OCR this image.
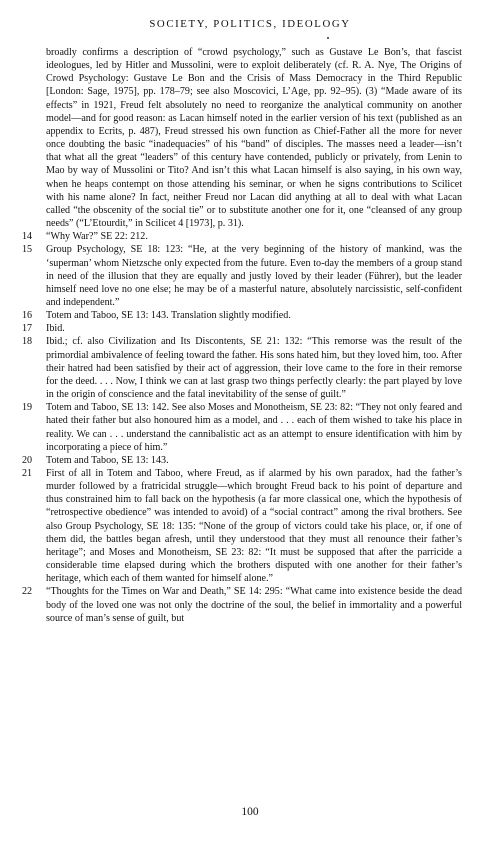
SOCIETY, POLITICS, IDEOLOGY
broadly confirms a description of “crowd psychology,” such as Gustave Le Bon’s, that fascist ideologues, led by Hitler and Mussolini, were to exploit deliberately (cf. R. A. Nye, The Origins of Crowd Psychology: Gustave Le Bon and the Crisis of Mass Democracy in the Third Republic [London: Sage, 1975], pp. 178–79; see also Moscovici, L’Age, pp. 92–95). (3) “Made aware of its effects” in 1921, Freud felt absolutely no need to reorganize the analytical community on another model—and for good reason: as Lacan himself noted in the earlier version of his text (published as an appendix to Ecrits, p. 487), Freud stressed his own function as Chief-Father all the more for never once doubting the basic “inadequacies” of his “band” of disciples. The masses need a leader—isn’t that what all the great “leaders” of this century have contended, publicly or privately, from Lenin to Mao by way of Mussolini or Tito? And isn’t this what Lacan himself is also saying, in his own way, when he heaps contempt on those attending his seminar, or when he signs contributions to Scilicet with his name alone? In fact, neither Freud nor Lacan did anything at all to deal with what Lacan called “the obscenity of the social tie” or to substitute another one for it, one “cleansed of any group needs” (“L’Etourdit,” in Scilicet 4 [1973], p. 31).
14	“Why War?” SE 22: 212.
15	Group Psychology, SE 18: 123: “He, at the very beginning of the history of mankind, was the ‘superman’ whom Nietzsche only expected from the future. Even to-day the members of a group stand in need of the illusion that they are equally and justly loved by their leader (Führer), but the leader himself need love no one else; he may be of a masterful nature, absolutely narcissistic, self-confident and independent.”
16	Totem and Taboo, SE 13: 143. Translation slightly modified.
17	Ibid.
18	Ibid.; cf. also Civilization and Its Discontents, SE 21: 132: “This remorse was the result of the primordial ambivalence of feeling toward the father. His sons hated him, but they loved him, too. After their hatred had been satisfied by their act of aggression, their love came to the fore in their remorse for the deed. . . . Now, I think we can at last grasp two things perfectly clearly: the part played by love in the origin of conscience and the fatal inevitability of the sense of guilt.”
19	Totem and Taboo, SE 13: 142. See also Moses and Monotheism, SE 23: 82: “They not only feared and hated their father but also honoured him as a model, and . . . each of them wished to take his place in reality. We can . . . understand the cannibalistic act as an attempt to ensure identification with him by incorporating a piece of him.”
20	Totem and Taboo, SE 13: 143.
21	First of all in Totem and Taboo, where Freud, as if alarmed by his own paradox, had the father’s murder followed by a fratricidal struggle—which brought Freud back to his point of departure and thus constrained him to fall back on the hypothesis (a far more classical one, which the hypothesis of “retrospective obedience” was intended to avoid) of a “social contract” among the rival brothers. See also Group Psychology, SE 18: 135: “None of the group of victors could take his place, or, if one of them did, the battles began afresh, until they understood that they must all renounce their father’s heritage”; and Moses and Monotheism, SE 23: 82: “It must be supposed that after the parricide a considerable time elapsed during which the brothers disputed with one another for their father’s heritage, which each of them wanted for himself alone.”
22	“Thoughts for the Times on War and Death,” SE 14: 295: “What came into existence beside the dead body of the loved one was not only the doctrine of the soul, the belief in immortality and a powerful source of man’s sense of guilt, but
100
